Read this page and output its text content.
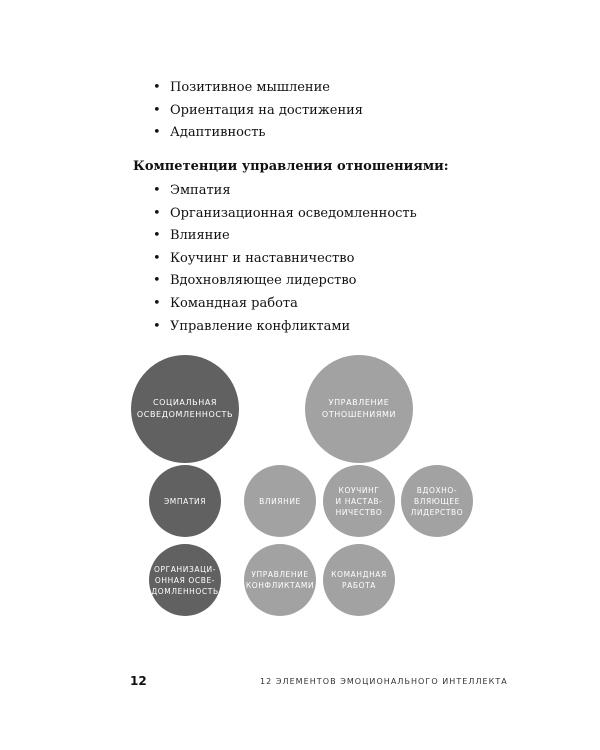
• Позитивное мышление
• Ориентация на достижения
• Адаптивность
Компетенции управления отношениями:
• Эмпатия
• Организационная осведомленность
• Влияние
• Коучинг и наставничество
• Вдохновляющее лидерство
• Командная работа
• Управление конфликтами
СОЦИАЛЬНАЯ
ОСВЕДОМЛЕННОСТЬ
УПРАВЛЕНИЕ
ОТНОШЕНИЯМИ
ЭМПАТИЯ	ВЛИЯНИЕ
КОУЧИНГ
И НАСТАВ-
НИЧЕСТВО
ВДОХНО-
ВЛЯЮЩЕЕ
ЛИДЕРСТВО
ОРГАНИЗАЦИ-
ОННАЯ ОСВЕ-
ДОМЛЕННОСТЬ
УПРАВЛЕНИЕ
КОНФЛИКТАМИ
КОМАНДНАЯ
РАБОТА
12	12 ЭЛЕМЕНТОВ ЭМОЦИОНАЛЬНОГО ИНТЕЛЛЕКТА
